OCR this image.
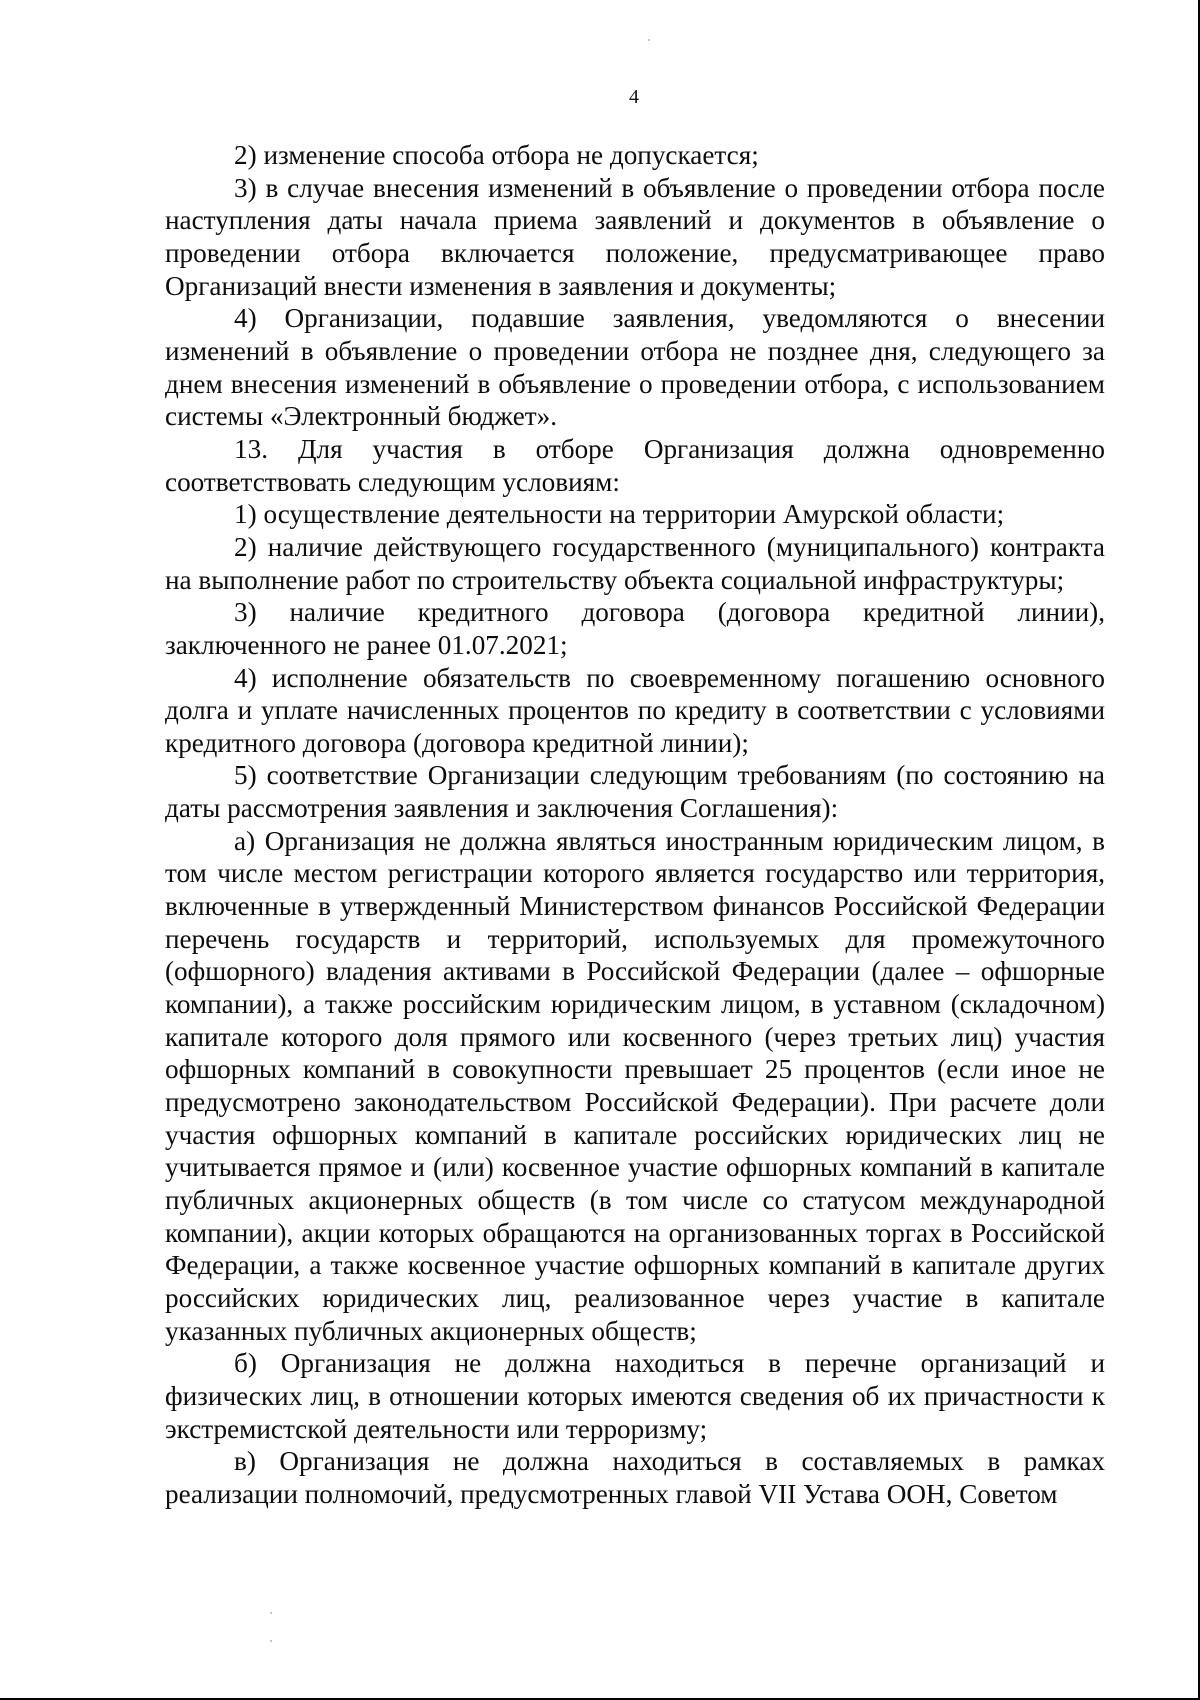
4

2) изменение способа отбора не допускается;

3) в случае внесения изменений в объявление о проведении отбора после наступления даты начала приема заявлений и документов в объявление о проведении отбора включается положение, предусматривающее право Организаций внести изменения в заявления и документы;

4) Организации, подавшие заявления, уведомляются о внесении изменений в объявление о проведении отбора не позднее дня, следующего за днем внесения изменений в объявление о проведении отбора, с использованием системы «Электронный бюджет».

13. Для участия в отборе Организация должна одновременно соответствовать следующим условиям:

1) осуществление деятельности на территории Амурской области;

2) наличие действующего государственного (муниципального) контракта на выполнение работ по строительству объекта социальной инфраструктуры;

3) наличие кредитного договора (договора кредитной линии), заключенного не ранее 01.07.2021;

4) исполнение обязательств по своевременному погашению основного долга и уплате начисленных процентов по кредиту в соответствии с условиями кредитного договора (договора кредитной линии);

5) соответствие Организации следующим требованиям (по состоянию на даты рассмотрения заявления и заключения Соглашения):

а) Организация не должна являться иностранным юридическим лицом, в том числе местом регистрации которого является государство или территория, включенные в утвержденный Министерством финансов Российской Федерации перечень государств и территорий, используемых для промежуточного (офшорного) владения активами в Российской Федерации (далее – офшорные компании), а также российским юридическим лицом, в уставном (складочном) капитале которого доля прямого или косвенного (через третьих лиц) участия офшорных компаний в совокупности превышает 25 процентов (если иное не предусмотрено законодательством Российской Федерации). При расчете доли участия офшорных компаний в капитале российских юридических лиц не учитывается прямое и (или) косвенное участие офшорных компаний в капитале публичных акционерных обществ (в том числе со статусом международной компании), акции которых обращаются на организованных торгах в Российской Федерации, а также косвенное участие офшорных компаний в капитале других российских юридических лиц, реализованное через участие в капитале указанных публичных акционерных обществ;

б) Организация не должна находиться в перечне организаций и физических лиц, в отношении которых имеются сведения об их причастности к экстремистской деятельности или терроризму;

в) Организация не должна находиться в составляемых в рамках реализации полномочий, предусмотренных главой VII Устава ООН, Советом
